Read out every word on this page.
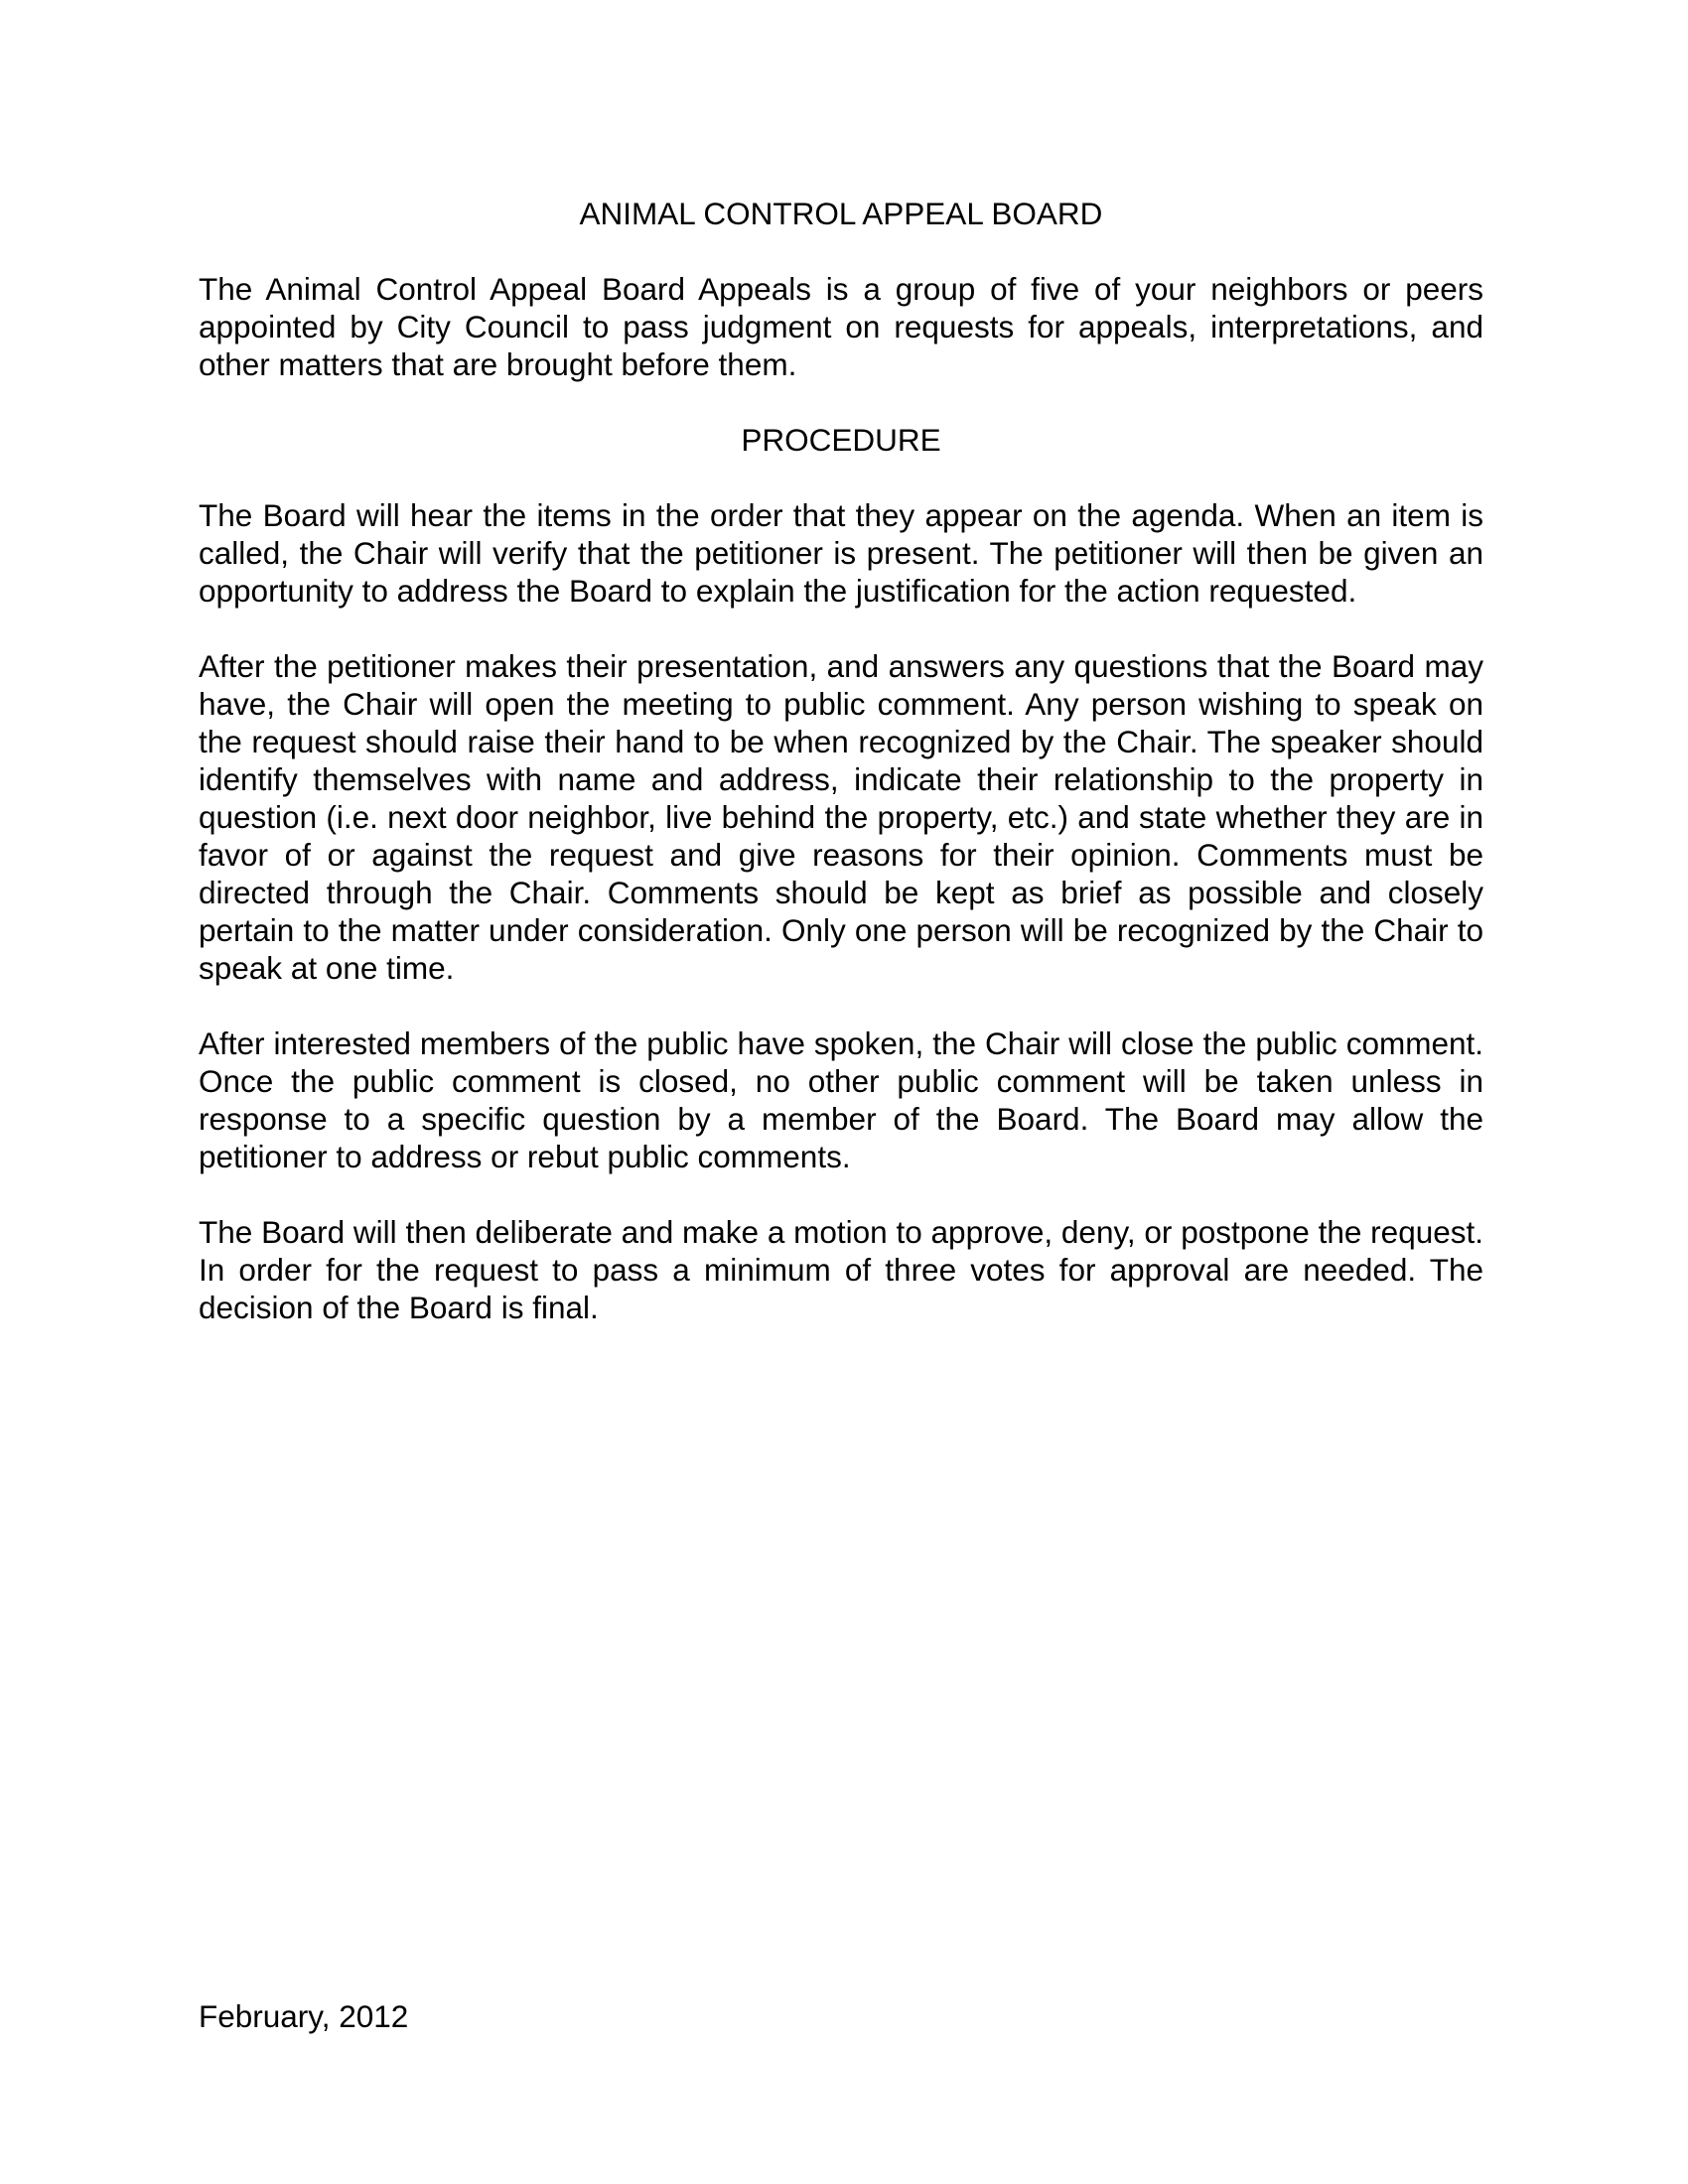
ANIMAL CONTROL APPEAL BOARD

The Animal Control Appeal Board Appeals is a group of five of your neighbors or peers appointed by City Council to pass judgment on requests for appeals, interpretations, and other matters that are brought before them.

PROCEDURE

The Board will hear the items in the order that they appear on the agenda. When an item is called, the Chair will verify that the petitioner is present. The petitioner will then be given an opportunity to address the Board to explain the justification for the action requested.

After the petitioner makes their presentation, and answers any questions that the Board may have, the Chair will open the meeting to public comment. Any person wishing to speak on the request should raise their hand to be when recognized by the Chair. The speaker should identify themselves with name and address, indicate their relationship to the property in question (i.e. next door neighbor, live behind the property, etc.) and state whether they are in favor of or against the request and give reasons for their opinion. Comments must be directed through the Chair. Comments should be kept as brief as possible and closely pertain to the matter under consideration. Only one person will be recognized by the Chair to speak at one time.

After interested members of the public have spoken, the Chair will close the public comment. Once the public comment is closed, no other public comment will be taken unless in response to a specific question by a member of the Board. The Board may allow the petitioner to address or rebut public comments.

The Board will then deliberate and make a motion to approve, deny, or postpone the request. In order for the request to pass a minimum of three votes for approval are needed. The decision of the Board is final.

February, 2012
